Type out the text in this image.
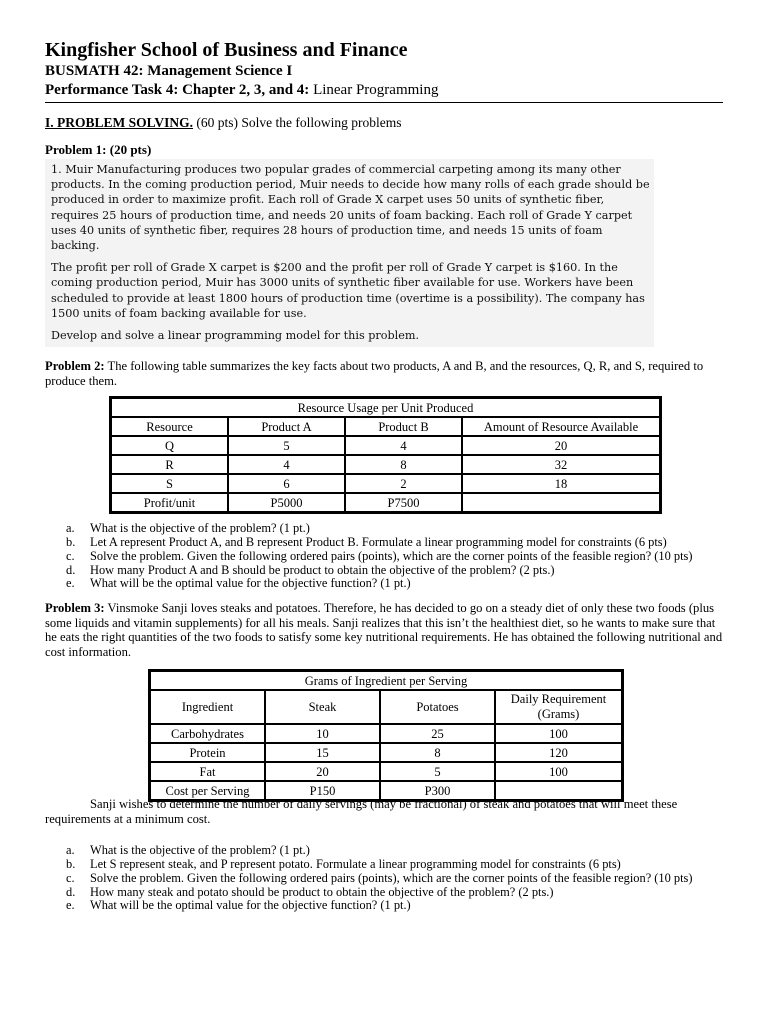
Kingfisher School of Business and Finance
BUSMATH 42: Management Science I
Performance Task 4: Chapter 2, 3, and 4: Linear Programming
I. PROBLEM SOLVING. (60 pts) Solve the following problems
Problem 1: (20 pts)

1. Muir Manufacturing produces two popular grades of commercial carpeting among its many other products. In the coming production period, Muir needs to decide how many rolls of each grade should be produced in order to maximize profit. Each roll of Grade X carpet uses 50 units of synthetic fiber, requires 25 hours of production time, and needs 20 units of foam backing. Each roll of Grade Y carpet uses 40 units of synthetic fiber, requires 28 hours of production time, and needs 15 units of foam backing.

The profit per roll of Grade X carpet is $200 and the profit per roll of Grade Y carpet is $160. In the coming production period, Muir has 3000 units of synthetic fiber available for use. Workers have been scheduled to provide at least 1800 hours of production time (overtime is a possibility). The company has 1500 units of foam backing available for use.

Develop and solve a linear programming model for this problem.

Problem 2: The following table summarizes the key facts about two products, A and B, and the resources, Q, R, and S, required to produce them.
Resource Usage per Unit Produced			
Resource	Product A	Product B	Amount of Resource Available
Q	5	4	20
R	4	8	32
S	6	2	18
Profit/unit	P5000	P7500	
a.	What is the objective of the problem? (1 pt.)
b.	Let A represent Product A, and B represent Product B. Formulate a linear programming model for constraints (6 pts)
c.	Solve the problem. Given the following ordered pairs (points), which are the corner points of the feasible region? (10 pts)
d.	How many Product A and B should be product to obtain the objective of the problem? (2 pts.)
e.	What will be the optimal value for the objective function? (1 pt.)
Problem 3: Vinsmoke Sanji loves steaks and potatoes. Therefore, he has decided to go on a steady diet of only these two foods (plus some liquids and vitamin supplements) for all his meals. Sanji realizes that this isn’t the healthiest diet, so he wants to make sure that he eats the right quantities of the two foods to satisfy some key nutritional requirements. He has obtained the following nutritional and cost information.
Grams of Ingredient per Serving			
Ingredient	Steak	Potatoes	Daily Requirement (Grams)
Carbohydrates	10	25	100
Protein	15	8	120
Fat	20	5	100
Cost per Serving	P150	P300	
Sanji wishes to determine the number of daily servings (may be fractional) of steak and potatoes that will meet these requirements at a minimum cost.
a.	What is the objective of the problem? (1 pt.)
b.	Let S represent steak, and P represent potato. Formulate a linear programming model for constraints (6 pts)
c.	Solve the problem. Given the following ordered pairs (points), which are the corner points of the feasible region? (10 pts)
d.	How many steak and potato should be product to obtain the objective of the problem? (2 pts.)
e.	What will be the optimal value for the objective function? (1 pt.)
